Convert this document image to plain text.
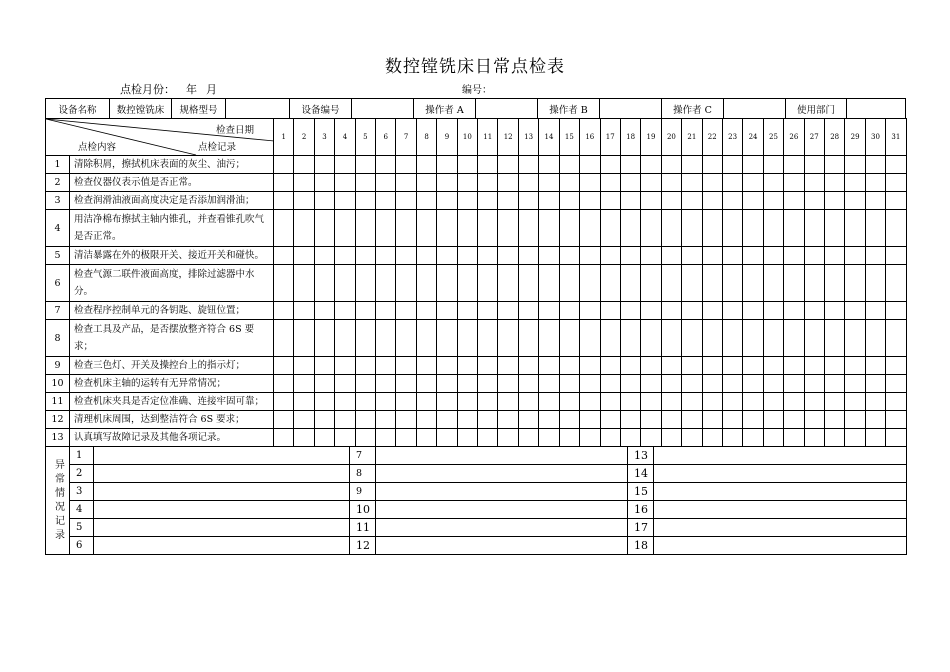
数控镗铣床日常点检表
点检月份： 年 月	编号：
设备名称	数控镗铣床	规格型号		设备编号		操作者 A		操作者 B		操作者 C		使用部门	
检查日期
点检记录
点检内容		1	2	3	4	5	6	7	8	9	10	11	12	13	14	15	16	17	18	19	20	21	22	23	24	25	26	27	28	29	30	31
1	清除积屑，擦拭机床表面的灰尘、油污；																															
2	检查仪器仪表示值是否正常。																															
3	检查润滑油液面高度决定是否添加润滑油；																															
4	用洁净棉布擦拭主轴内锥孔，并查看锥孔吹气是否正常。																															
5	清洁暴露在外的极限开关、接近开关和碰快。																															
6	检查气源二联件液面高度，排除过滤器中水分。																															
7	检查程序控制单元的各钥匙、旋钮位置；																															
8	检查工具及产品，是否摆放整齐符合 6S 要求；																															
9	检查三色灯、开关及操控台上的指示灯；																															
10	检查机床主轴的运转有无异常情况；																															
11	检查机床夹具是否定位准确、连接牢固可靠；																															
12	清理机床周围，达到整洁符合 6S 要求；																															
13	认真填写故障记录及其他各项记录。																															
异常情况记录	1		7		13	
	2		8		14	
	3		9		15	
	4		10		16	
	5		11		17	
	6		12		18	
